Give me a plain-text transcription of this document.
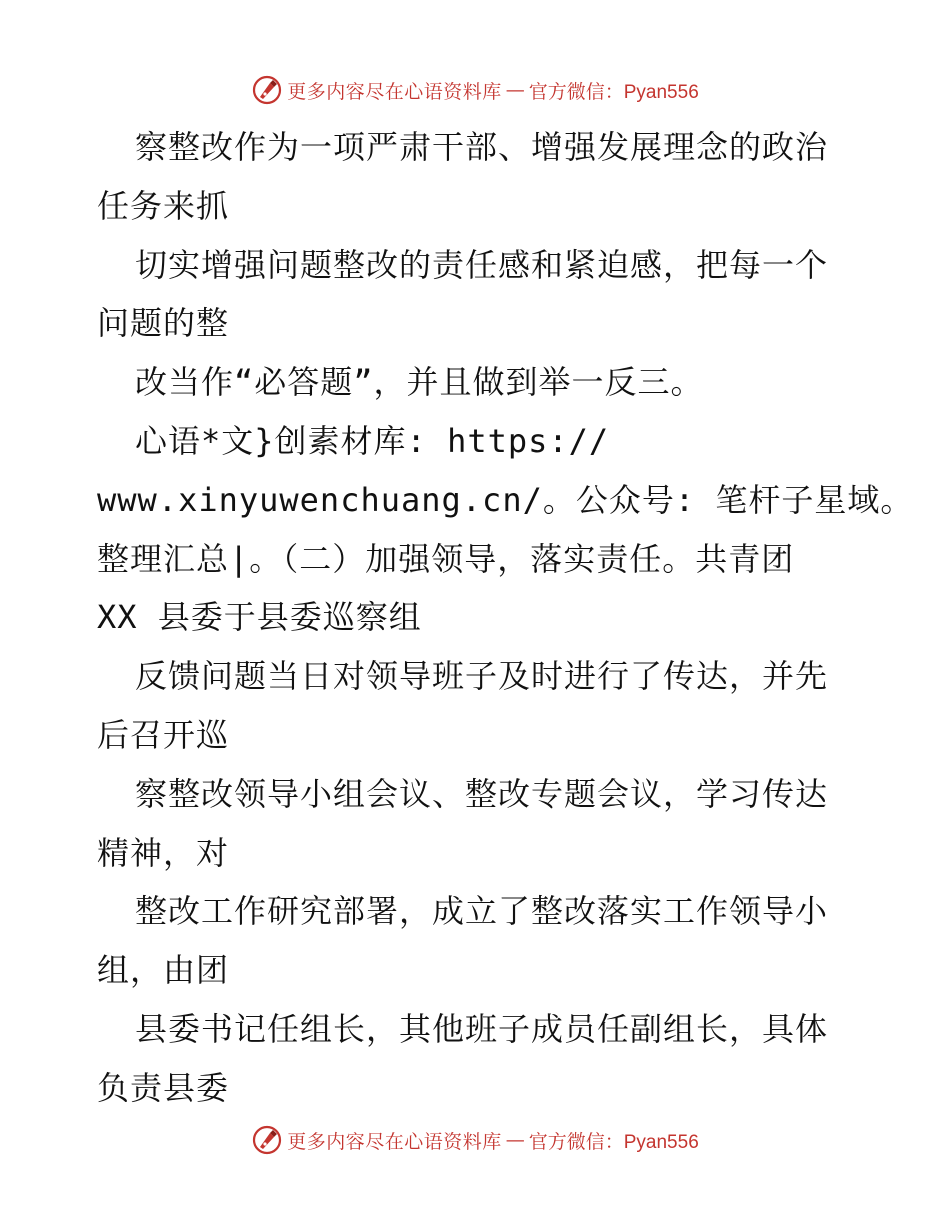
更多内容尽在心语资料库 — 官方微信：Pyan556
察整改作为一项严肃干部、增强发展理念的政治
任务来抓
切实增强问题整改的责任感和紧迫感，把每一个
问题的整
改当作“必答题”，并且做到举一反三。
心语*文}创素材库: https://
www.xinyuwenchuang.cn/。公众号: 笔杆子星域。
整理汇总|。（二）加强领导，落实责任。共青团
XX 县委于县委巡察组
反馈问题当日对领导班子及时进行了传达，并先
后召开巡
察整改领导小组会议、整改专题会议，学习传达
精神，对
整改工作研究部署，成立了整改落实工作领导小
组，由团
县委书记任组长，其他班子成员任副组长，具体
负责县委
更多内容尽在心语资料库 — 官方微信：Pyan556
